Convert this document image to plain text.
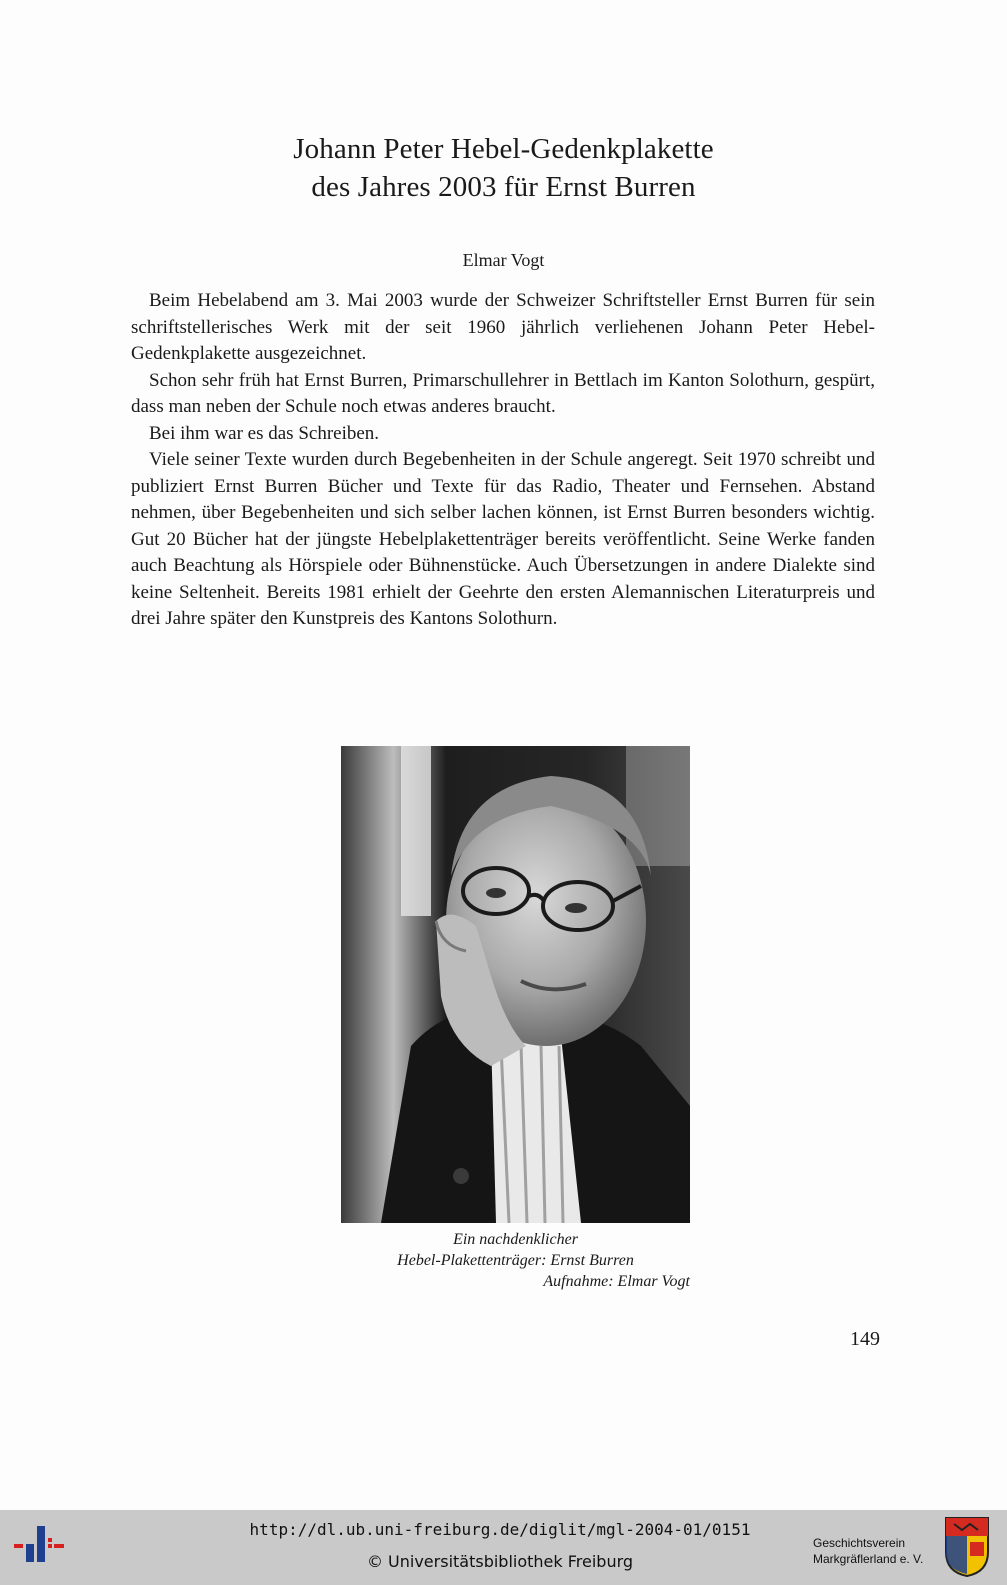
Johann Peter Hebel-Gedenkplakette
des Jahres 2003 für Ernst Burren
Elmar Vogt

Beim Hebelabend am 3. Mai 2003 wurde der Schweizer Schriftsteller Ernst Burren für sein schriftstellerisches Werk mit der seit 1960 jährlich verliehenen Johann Peter Hebel-Gedenkplakette ausgezeichnet.

Schon sehr früh hat Ernst Burren, Primarschullehrer in Bettlach im Kanton Solothurn, gespürt, dass man neben der Schule noch etwas anderes braucht.

Bei ihm war es das Schreiben.

Viele seiner Texte wurden durch Begebenheiten in der Schule angeregt. Seit 1970 schreibt und publiziert Ernst Burren Bücher und Texte für das Radio, Theater und Fernsehen. Abstand nehmen, über Begebenheiten und sich selber lachen können, ist Ernst Burren besonders wichtig. Gut 20 Bücher hat der jüngste Hebelplakettenträger bereits veröffentlicht. Seine Werke fanden auch Beachtung als Hörspiele oder Bühnenstücke. Auch Übersetzungen in andere Dialekte sind keine Seltenheit. Bereits 1981 erhielt der Geehrte den ersten Alemannischen Literaturpreis und drei Jahre später den Kunstpreis des Kantons Solothurn.

Ein nachdenklicher
Hebel-Plakettenträger: Ernst Burren
Aufnahme: Elmar Vogt
149
http://dl.ub.uni-freiburg.de/diglit/mgl-2004-01/0151
© Universitätsbibliothek Freiburg
Geschichtsverein
Markgräflerland e. V.
